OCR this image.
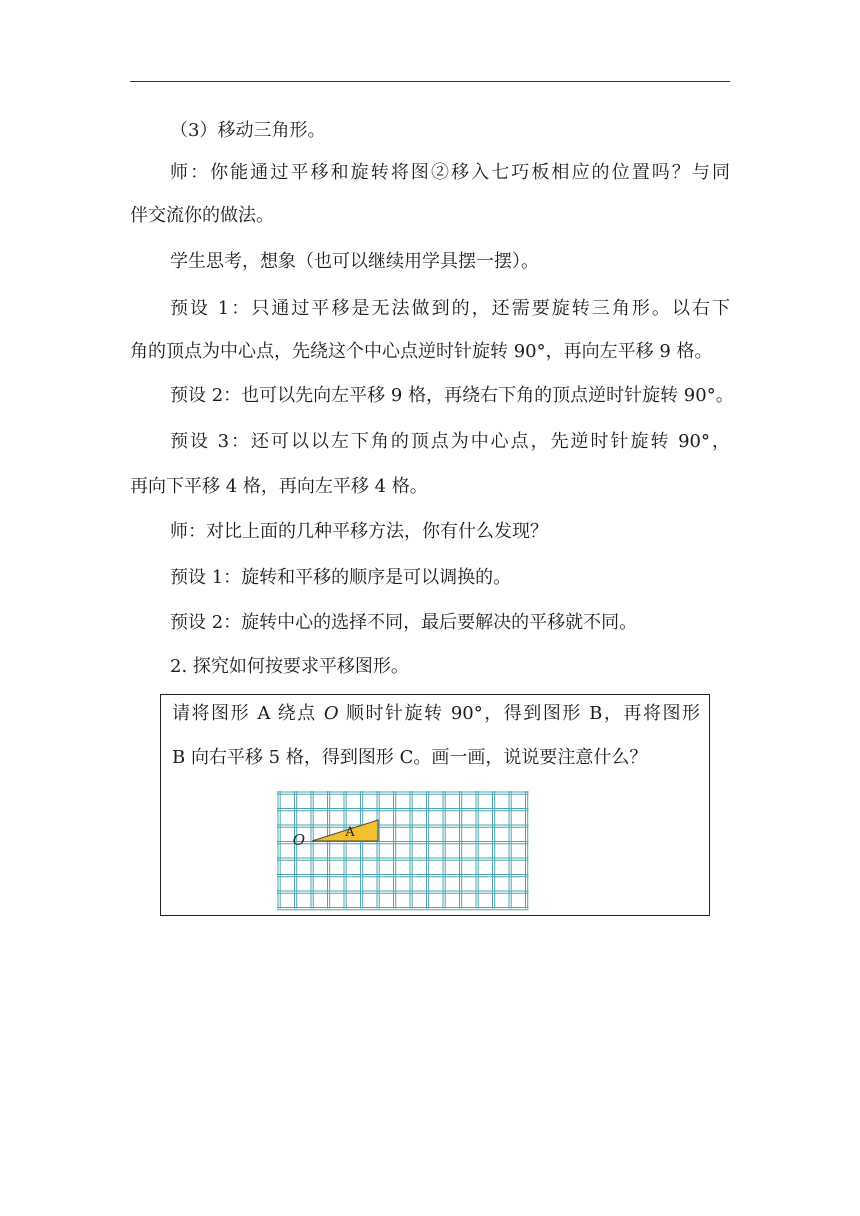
（3）移动三角形。
师：你能通过平移和旋转将图②移入七巧板相应的位置吗？与同
伴交流你的做法。
学生思考，想象（也可以继续用学具摆一摆）。
预设 1：只通过平移是无法做到的，还需要旋转三角形。以右下
角的顶点为中心点，先绕这个中心点逆时针旋转 90°，再向左平移 9 格。
预设 2：也可以先向左平移 9 格，再绕右下角的顶点逆时针旋转 90°。
预设 3：还可以以左下角的顶点为中心点，先逆时针旋转 90°，
再向下平移 4 格，再向左平移 4 格。
师：对比上面的几种平移方法，你有什么发现？
预设 1：旋转和平移的顺序是可以调换的。
预设 2：旋转中心的选择不同，最后要解决的平移就不同。
2. 探究如何按要求平移图形。
请将图形 A 绕点 O 顺时针旋转 90°，得到图形 B，再将图形
B 向右平移 5 格，得到图形 C。画一画，说说要注意什么？
A
O
